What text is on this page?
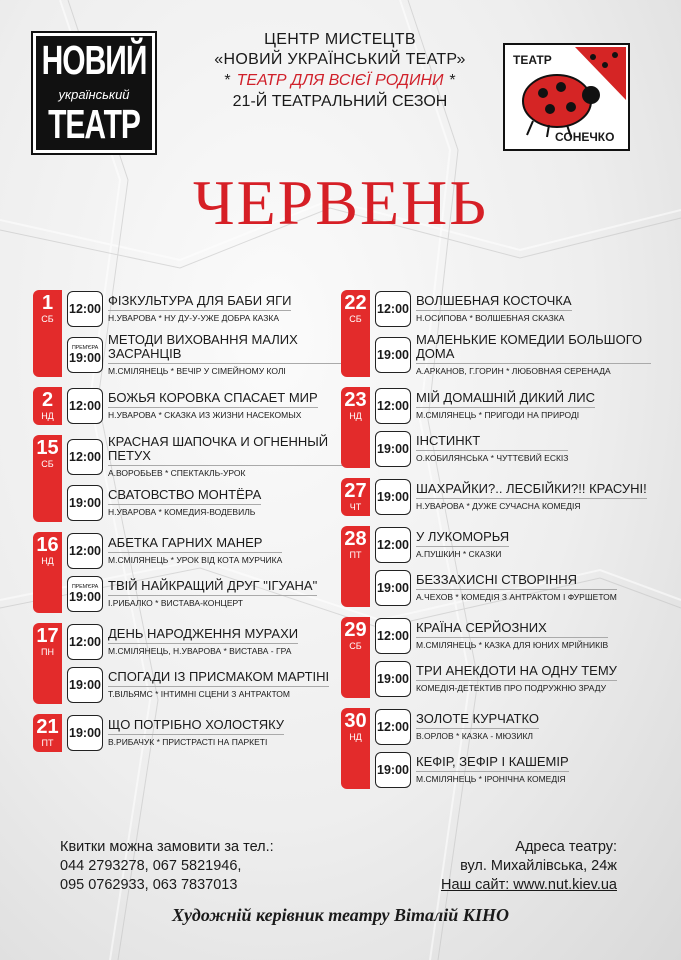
НОВИЙ
український
ТЕАТР
ЦЕНТР МИСТЕЦТВ
«НОВИЙ УКРАЇНСЬКИЙ ТЕАТР»
* ТЕАТР ДЛЯ ВСІЄЇ РОДИНИ *
21-Й ТЕАТРАЛЬНИЙ СЕЗОН
ТЕАТР
СОНЕЧКО
ЧЕРВЕНЬ
1
СБ
12:00
ФІЗКУЛЬТУРА ДЛЯ БАБИ ЯГИ
Н.УВАРОВА * НУ ДУ-У-УЖЕ ДОБРА КАЗКА
ПРЕМ'ЄРА
19:00
МЕТОДИ ВИХОВАННЯ МАЛИХ ЗАСРАНЦІВ
М.СМІЛЯНЕЦЬ * ВЕЧІР У СІМЕЙНОМУ КОЛІ
2
НД
12:00
БОЖЬЯ КОРОВКА СПАСАЕТ МИР
Н.УВАРОВА * СКАЗКА ИЗ ЖИЗНИ НАСЕКОМЫХ
15
СБ	12:00
КРАСНАЯ ШАПОЧКА И ОГНЕННЫЙ ПЕТУХ
А.ВОРОБЬЕВ * СПЕКТАКЛЬ-УРОК
19:00
СВАТОВСТВО МОНТЁРА
Н.УВАРОВА * КОМЕДИЯ-ВОДЕВИЛЬ
16
НД
12:00
АБЕТКА ГАРНИХ МАНЕР
М.СМІЛЯНЕЦЬ * УРОК ВІД КОТА МУРЧИКА
ПРЕМ'ЄРА
19:00
ТВІЙ НАЙКРАЩИЙ ДРУГ "ІГУАНА"
І.РИБАЛКО * ВИСТАВА-КОНЦЕРТ
17
ПН
12:00
ДЕНЬ НАРОДЖЕННЯ МУРАХИ
М.СМІЛЯНЕЦЬ, Н.УВАРОВА * ВИСТАВА - ГРА
19:00
СПОГАДИ ІЗ ПРИСМАКОМ МАРТІНІ
Т.ВІЛЬЯМС * ІНТИМНІ СЦЕНИ З АНТРАКТОМ
21
ПТ
19:00
ЩО ПОТРІБНО ХОЛОСТЯКУ
В.РИБАЧУК * ПРИСТРАСТІ НА ПАРКЕТІ
22
СБ
12:00
ВОЛШЕБНАЯ КОСТОЧКА
Н.ОСИПОВА * ВОЛШЕБНАЯ СКАЗКА
19:00
МАЛЕНЬКИЕ КОМЕДИИ БОЛЬШОГО ДОМА
А.АРКАНОВ, Г.ГОРИН * ЛЮБОВНАЯ СЕРЕНАДА
23
НД
12:00
МІЙ ДОМАШНІЙ ДИКИЙ ЛИС
М.СМІЛЯНЕЦЬ * ПРИГОДИ НА ПРИРОДІ
19:00
ІНСТИНКТ
О.КОБИЛЯНСЬКА * ЧУТТЄВИЙ ЕСКІЗ
27
ЧТ
19:00
ШАХРАЙКИ?.. ЛЕСБІЙКИ?!! КРАСУНІ!
Н.УВАРОВА * ДУЖЕ СУЧАСНА КОМЕДІЯ
28
ПТ
12:00
У ЛУКОМОРЬЯ
А.ПУШКИН * СКАЗКИ
19:00
БЕЗЗАХИСНІ СТВОРІННЯ
А.ЧЕХОВ * КОМЕДІЯ З АНТРАКТОМ І ФУРШЕТОМ
29
СБ
12:00
КРАЇНА СЕРЙОЗНИХ
М.СМІЛЯНЕЦЬ * КАЗКА ДЛЯ ЮНИХ МРІЙНИКІВ
19:00
ТРИ АНЕКДОТИ НА ОДНУ ТЕМУ
КОМЕДІЯ-ДЕТЕКТИВ ПРО ПОДРУЖНЮ ЗРАДУ
30
НД
12:00
ЗОЛОТЕ КУРЧАТКО
В.ОРЛОВ * КАЗКА - МЮЗИКЛ
19:00
КЕФІР, ЗЕФІР І КАШЕМІР
М.СМІЛЯНЕЦЬ * ІРОНІЧНА КОМЕДІЯ
Квитки можна замовити за тел.:
044 2793278, 067 5821946,
095 0762933, 063 7837013
Адреса театру:
вул. Михайлівська, 24ж
Наш сайт: www.nut.kiev.ua
Художній керівник театру Віталій КІНО
